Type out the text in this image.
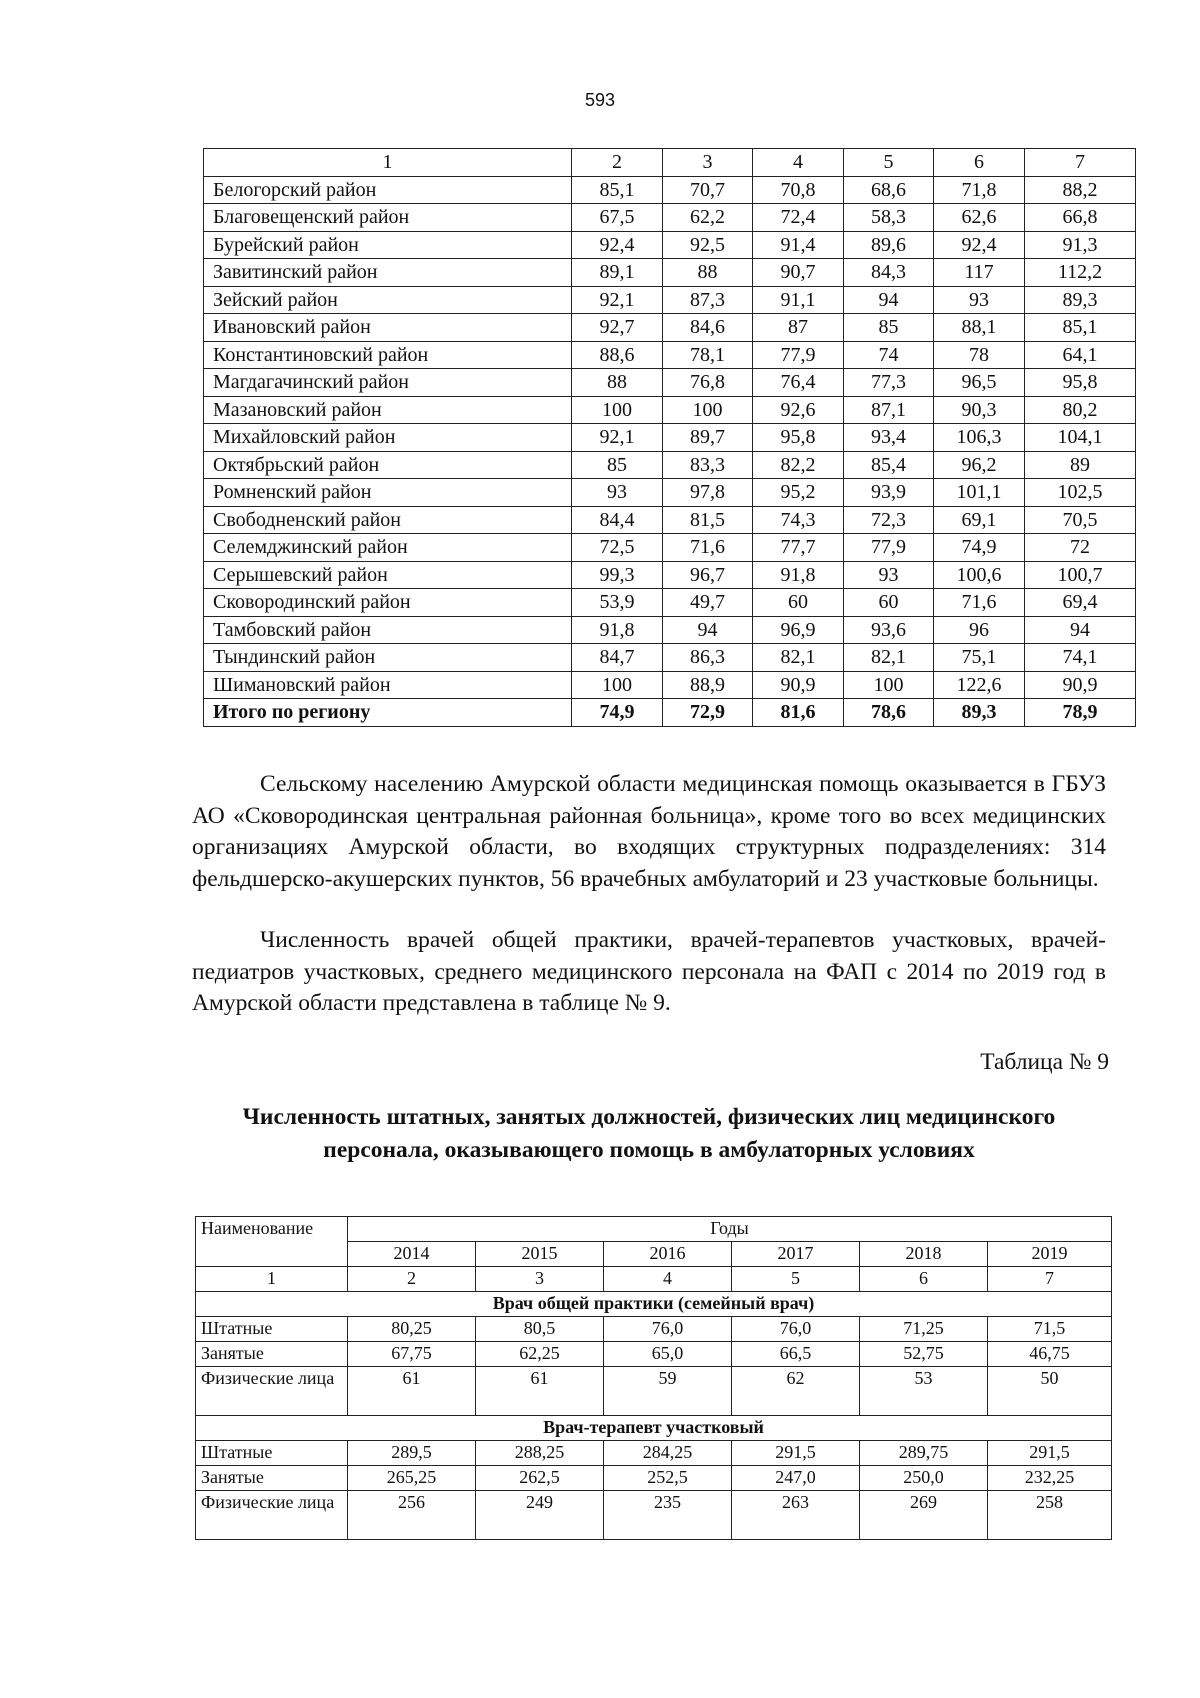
593
1	2	3	4	5	6	7
Белогорский район	85,1	70,7	70,8	68,6	71,8	88,2
Благовещенский район	67,5	62,2	72,4	58,3	62,6	66,8
Бурейский район	92,4	92,5	91,4	89,6	92,4	91,3
Завитинский район	89,1	88	90,7	84,3	117	112,2
Зейский район	92,1	87,3	91,1	94	93	89,3
Ивановский район	92,7	84,6	87	85	88,1	85,1
Константиновский район	88,6	78,1	77,9	74	78	64,1
Магдагачинский район	88	76,8	76,4	77,3	96,5	95,8
Мазановский район	100	100	92,6	87,1	90,3	80,2
Михайловский район	92,1	89,7	95,8	93,4	106,3	104,1
Октябрьский район	85	83,3	82,2	85,4	96,2	89
Ромненский район	93	97,8	95,2	93,9	101,1	102,5
Свободненский район	84,4	81,5	74,3	72,3	69,1	70,5
Селемджинский район	72,5	71,6	77,7	77,9	74,9	72
Серышевский район	99,3	96,7	91,8	93	100,6	100,7
Сковородинский район	53,9	49,7	60	60	71,6	69,4
Тамбовский район	91,8	94	96,9	93,6	96	94
Тындинский район	84,7	86,3	82,1	82,1	75,1	74,1
Шимановский район	100	88,9	90,9	100	122,6	90,9
Итого по региону	74,9	72,9	81,6	78,6	89,3	78,9

Сельскому населению Амурской области медицинская помощь оказывается в ГБУЗ АО «Сковородинская центральная районная больница», кроме того во всех медицинских организациях Амурской области, во входящих структурных подразделениях: 314 фельдшерско-акушерских пунктов, 56 врачебных амбулаторий и 23 участковые больницы.

Численность врачей общей практики, врачей-терапевтов участковых, врачей-педиатров участковых, среднего медицинского персонала на ФАП с 2014 по 2019 год в Амурской области представлена в таблице № 9.

Таблица № 9

Численность штатных, занятых должностей, физических лиц медицинского персонала, оказывающего помощь в амбулаторных условиях

Наименование	Годы					
	2014	2015	2016	2017	2018	2019
1	2	3	4	5	6	7
Врач общей практики (семейный врач)						
Штатные	80,25	80,5	76,0	76,0	71,25	71,5
Занятые	67,75	62,25	65,0	66,5	52,75	46,75
Физические лица	61	61	59	62	53	50
Врач-терапевт участковый						
Штатные	289,5	288,25	284,25	291,5	289,75	291,5
Занятые	265,25	262,5	252,5	247,0	250,0	232,25
Физические лица	256	249	235	263	269	258
